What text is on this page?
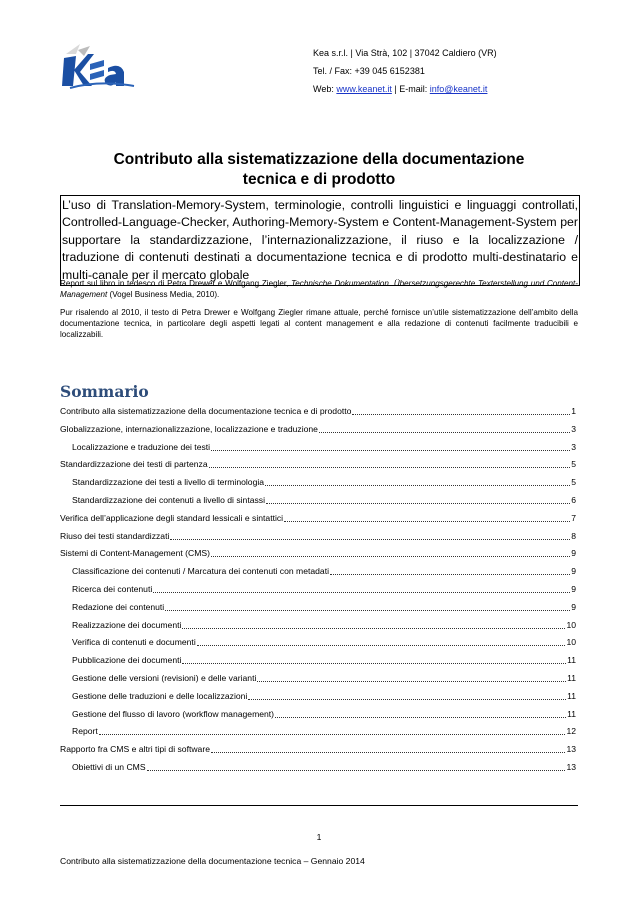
Kea s.r.l. | Via Strà, 102 | 37042 Caldiero (VR)
Tel. / Fax: +39 045 6152381
Web: www.keanet.it | E-mail: info@keanet.it
Contributo alla sistematizzazione della documentazione
tecnica e di prodotto
L’uso di Translation-Memory-System, terminologie, controlli linguistici e linguaggi controllati, Controlled-Language-Checker, Authoring-Memory-System e Content-Management-System per supportare la standardizzazione, l’internazionalizzazione, il riuso e la localizzazione / traduzione di contenuti destinati a documentazione tecnica e di prodotto multi-destinatario e multi-canale per il mercato globale

Report sul libro in tedesco di Petra Drewer e Wolfgang Ziegler, Technische Dokumentation. Übersetzungsgerechte Texterstellung und Content-Management (Vogel Business Media, 2010).

Pur risalendo al 2010, il testo di Petra Drewer e Wolfgang Ziegler rimane attuale, perché fornisce un’utile sistematizzazione dell’ambito della documentazione tecnica, in particolare degli aspetti legati al content management e alla redazione di contenuti facilmente traducibili e localizzabili.

Sommario
Contributo alla sistematizzazione della documentazione tecnica e di prodotto	1
Globalizzazione, internazionalizzazione, localizzazione e traduzione	3
Localizzazione e traduzione dei testi	3
Standardizzazione dei testi di partenza	5
Standardizzazione dei testi a livello di terminologia	5
Standardizzazione dei contenuti a livello di sintassi	6
Verifica dell’applicazione degli standard lessicali e sintattici	7
Riuso dei testi standardizzati	8
Sistemi di Content-Management (CMS)	9
Classificazione dei contenuti / Marcatura dei contenuti con metadati	9
Ricerca dei contenuti	9
Redazione dei contenuti	9
Realizzazione dei documenti	10
Verifica di contenuti e documenti	10
Pubblicazione dei documenti	11
Gestione delle versioni (revisioni) e delle varianti	11
Gestione delle traduzioni e delle localizzazioni	11
Gestione del flusso di lavoro (workflow management)	11
Report	12
Rapporto fra CMS e altri tipi di software	13
Obiettivi di un CMS	13
1
Contributo alla sistematizzazione della documentazione tecnica – Gennaio 2014
